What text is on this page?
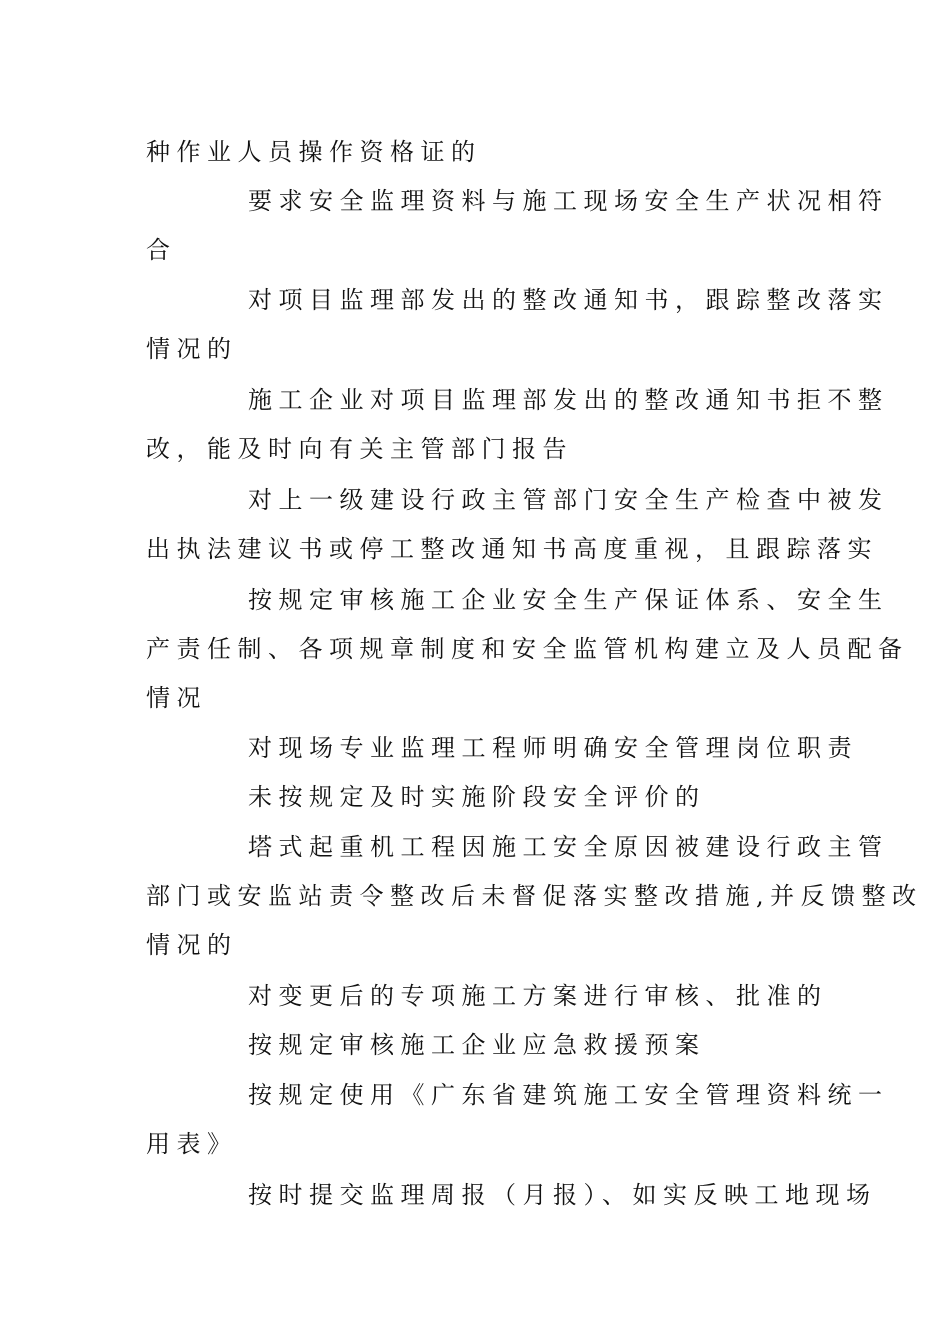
种作业人员操作资格证的
要求安全监理资料与施工现场安全生产状况相符
合
对项目监理部发出的整改通知书，跟踪整改落实
情况的
施工企业对项目监理部发出的整改通知书拒不整
改，能及时向有关主管部门报告
对上一级建设行政主管部门安全生产检查中被发
出执法建议书或停工整改通知书高度重视，且跟踪落实
按规定审核施工企业安全生产保证体系、安全生
产责任制、各项规章制度和安全监管机构建立及人员配备
情况
对现场专业监理工程师明确安全管理岗位职责
未按规定及时实施阶段安全评价的
塔式起重机工程因施工安全原因被建设行政主管
部门或安监站责令整改后未督促落实整改措施,并反馈整改
情况的
对变更后的专项施工方案进行审核、批准的
按规定审核施工企业应急救援预案
按规定使用《广东省建筑施工安全管理资料统一
用表》
按时提交监理周报（月报）、如实反映工地现场
